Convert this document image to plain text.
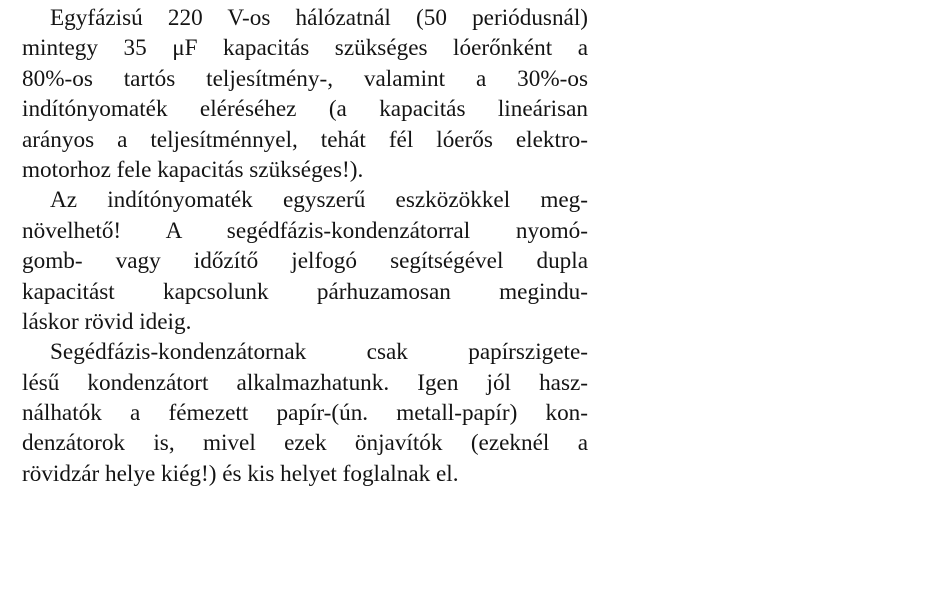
Egyfázisú 220 V-os hálózatnál (50 periódusnál)
mintegy 35 μF kapacitás szükséges lóerőnként a
80%-os tartós teljesítmény-, valamint a 30%-os
indítónyomaték eléréséhez (a kapacitás lineárisan
arányos a teljesítménnyel, tehát fél lóerős elektro-
motorhoz fele kapacitás szükséges!).
Az indítónyomaték egyszerű eszközökkel meg-
növelhető! A segédfázis-kondenzátorral nyomó-
gomb- vagy időzítő jelfogó segítségével dupla
kapacitást kapcsolunk párhuzamosan megindu-
láskor rövid ideig.
Segédfázis-kondenzátornak csak papírszigete-
lésű kondenzátort alkalmazhatunk. Igen jól hasz-
nálhatók a fémezett papír-(ún. metall-papír) kon-
denzátorok is, mivel ezek önjavítók (ezeknél a
rövidzár helye kiég!) és kis helyet foglalnak el.
